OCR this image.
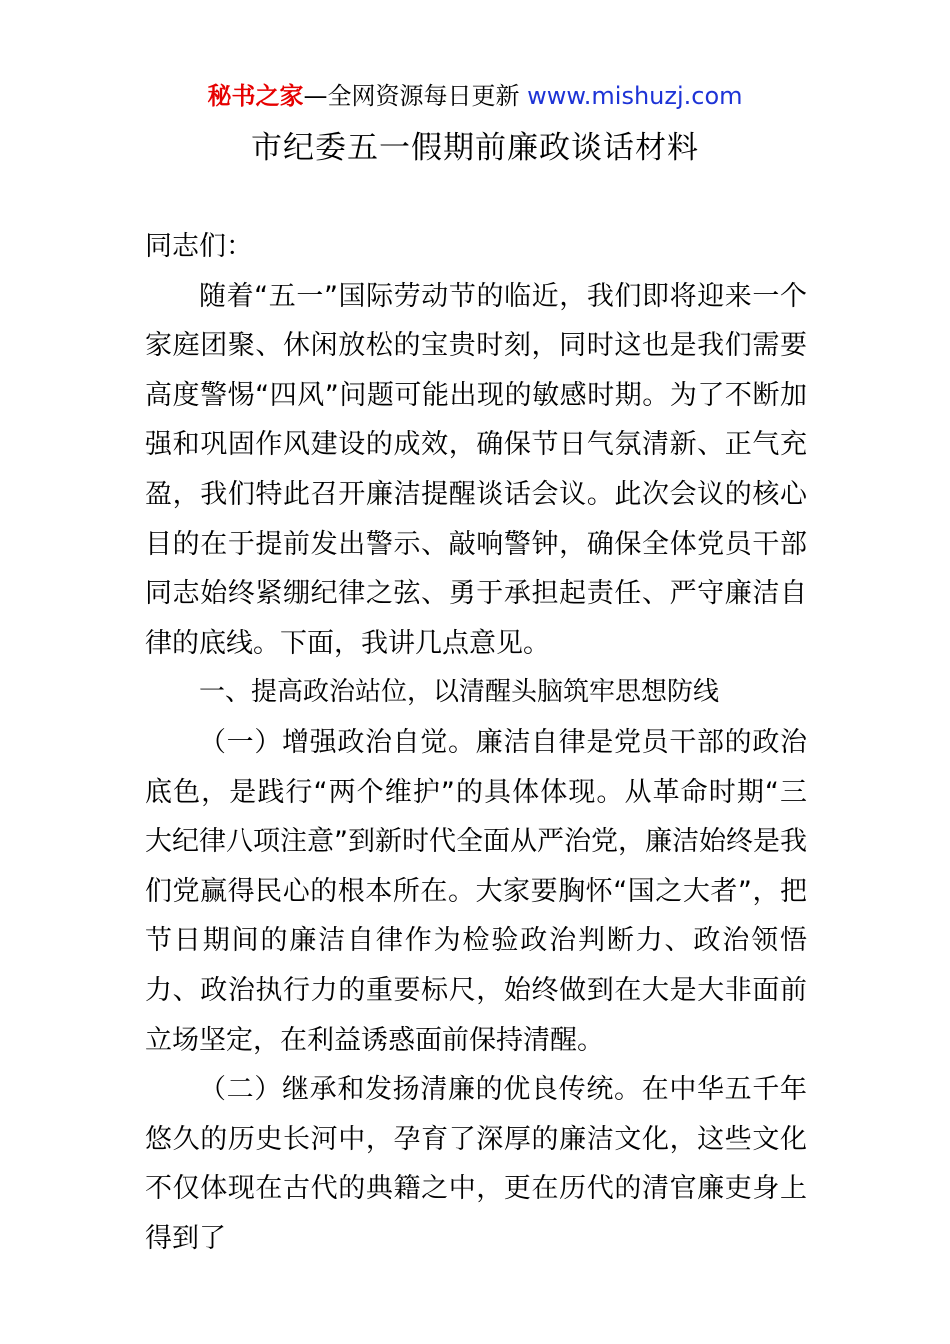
秘书之家—全网资源每日更新 www.mishuzj.com
市纪委五一假期前廉政谈话材料

同志们：

随着“五一”国际劳动节的临近，我们即将迎来一个家庭团聚、休闲放松的宝贵时刻，同时这也是我们需要高度警惕“四风”问题可能出现的敏感时期。为了不断加强和巩固作风建设的成效，确保节日气氛清新、正气充盈，我们特此召开廉洁提醒谈话会议。此次会议的核心目的在于提前发出警示、敲响警钟，确保全体党员干部同志始终紧绷纪律之弦、勇于承担起责任、严守廉洁自律的底线。下面，我讲几点意见。

一、提高政治站位，以清醒头脑筑牢思想防线

（一）增强政治自觉。廉洁自律是党员干部的政治底色，是践行“两个维护”的具体体现。从革命时期“三大纪律八项注意”到新时代全面从严治党，廉洁始终是我们党赢得民心的根本所在。大家要胸怀“国之大者”，把节日期间的廉洁自律作为检验政治判断力、政治领悟力、政治执行力的重要标尺，始终做到在大是大非面前立场坚定，在利益诱惑面前保持清醒。

（二）继承和发扬清廉的优良传统。在中华五千年悠久的历史长河中，孕育了深厚的廉洁文化，这些文化不仅体现在古代的典籍之中，更在历代的清官廉吏身上得到了
